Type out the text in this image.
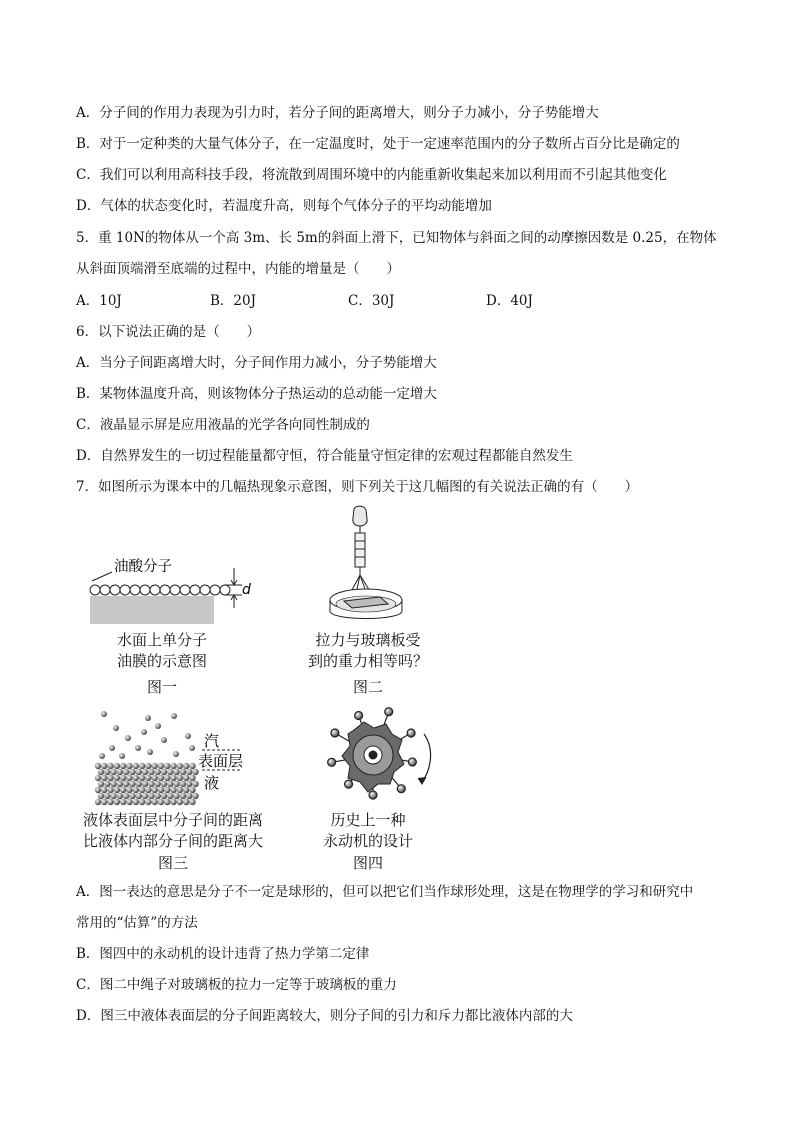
A．分子间的作用力表现为引力时，若分子间的距离增大，则分子力减小，分子势能增大
B．对于一定种类的大量气体分子，在一定温度时，处于一定速率范围内的分子数所占百分比是确定的
C．我们可以利用高科技手段，将流散到周围环境中的内能重新收集起来加以利用而不引起其他变化
D．气体的状态变化时，若温度升高，则每个气体分子的平均动能增加
5．重 10N的物体从一个高 3m、长 5m的斜面上滑下，已知物体与斜面之间的动摩擦因数是 0.25，在物体
从斜面顶端滑至底端的过程中，内能的增量是（　　）
A．10J	B．20J	C．30J	D．40J
6．以下说法正确的是（　　）
A．当分子间距离增大时，分子间作用力减小，分子势能增大
B．某物体温度升高，则该物体分子热运动的总动能一定增大
C．液晶显示屏是应用液晶的光学各向同性制成的
D．自然界发生的一切过程能量都守恒，符合能量守恒定律的宏观过程都能自然发生
7．如图所示为课本中的几幅热现象示意图，则下列关于这几幅图的有关说法正确的有（　　）
油酸分子
d
水面上单分子
油膜的示意图
图一
拉力与玻璃板受
到的重力相等吗？
图二
汽
表面层
液
液体表面层中分子间的距离
比液体内部分子间的距离大
图三
历史上一种
永动机的设计
图四
A．图一表达的意思是分子不一定是球形的，但可以把它们当作球形处理，这是在物理学的学习和研究中
常用的“估算”的方法
B．图四中的永动机的设计违背了热力学第二定律
C．图二中绳子对玻璃板的拉力一定等于玻璃板的重力
D．图三中液体表面层的分子间距离较大，则分子间的引力和斥力都比液体内部的大
